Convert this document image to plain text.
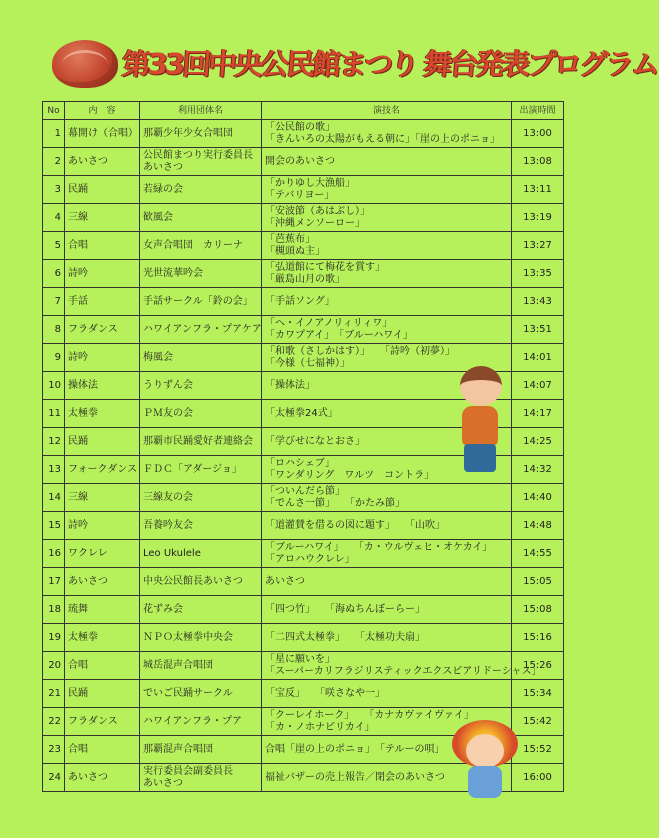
第33回中央公民館まつり 舞台発表プログラム
No	内　容	利用団体名	演技名	出演時間
1	幕開け（合唱）	那覇少年少女合唱団	「公民館の歌」
「きんいろの太陽がもえる朝に」「崖の上のポニョ」	13:00
2	あいさつ	公民館まつり実行委員長
あいさつ	開会のあいさつ	13:08
3	民踊	若緑の会	「かりゆし大漁船」
「テバリヨー」	13:11
4	三線	歓風会	「安波節（あはぶし）」
「沖縄メンソーロー」	13:19
5	合唱	女声合唱団　カリーナ	「芭蕉布」
「槻頭ぬ主」	13:27
6	詩吟	光世流華吟会	「弘道館にて梅花を賞す」
「厳島山月の歌」	13:35
7	手話	手話サークル「鈴の会」	「手話ソング」	13:43
8	フラダンス	ハワイアンフラ・プアケア	「ヘ・イノアノリィリィワ」
「カワプアイ」　「ブルーハワイ」	13:51
9	詩吟	梅風会	「和歌（さしかはす）」　　「詩吟（初夢）」
「今様（七福神）」	14:01
10	操体法	うりずん会	「操体法」	14:07
11	太極拳	ＰＭ友の会	「太極拳24式」	14:17
12	民踊	那覇市民踊愛好者連絡会	「学びせになとおさ」	14:25
13	フォークダンス	ＦＤＣ「アダージョ」	「ロハシェブ」
「ワンダリング　ワルツ　コントラ」	14:32
14	三線	三線友の会	「ついんだら節」
「でんさ一節」　　「かたみ節」	14:40
15	詩吟	吾養吟友会	「道灌賛を借るの図に題す」　　「山吹」	14:48
16	ワクレレ	Leo Ukulele	「ブルーハワイ」　　「カ・ウルヴェヒ・オケカイ」
「アロハウクレレ」	14:55
17	あいさつ	中央公民館長あいさつ	あいさつ	15:05
18	琉舞	花ずみ会	「四つ竹」　　「海ぬちんぼーらー」	15:08
19	太極拳	ＮＰＯ太極拳中央会	「二四式太極拳」　　「太極功夫扇」	15:16
20	合唱	城岳混声合唱団	「星に願いを」
「スーパーカリフラジリスティックエクスピアリドーシャス」	15:26
21	民踊	でいご民踊サークル	「宝反」　　「咲さなや一」	15:34
22	フラダンス	ハワイアンフラ・プア	「クーレイホーク」　　「カナカヴァイヴァイ」
「カ・ノホナピリカイ」	15:42
23	合唱	那覇混声合唱団	合唱「崖の上のポニョ」　「テルーの唄」	15:52
24	あいさつ	実行委員会副委員長
あいさつ	福祉バザーの売上報告／閉会のあいさつ	16:00
